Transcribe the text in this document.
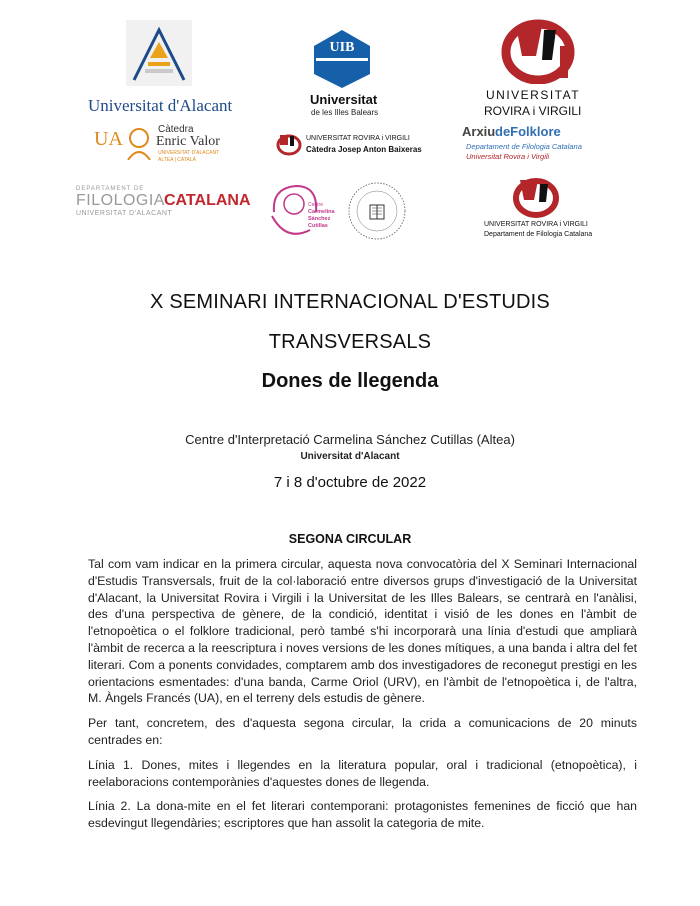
Universitat d'Alacant
UIB
Universitat
de les Illes Balears
UNIVERSITAT
ROVIRA i VIRGILI
UA	Càtedra
Enric Valor
UNIVERSITAT D'ALACANT
ALTEA | CATALÀ
UNIVERSITAT ROVIRA i VIRGILI
Càtedra Josep Anton Baixeras
Arxiu deFolklore
Departament de Filologia Catalana
Universitat Rovira i Virgili
DEPARTAMENT DE
FILOLOGIA CATALANA
UNIVERSITAT D'ALACANT
Centre
Carmelina
Sánchez
Cutillas	UNIVERSITAT ROVIRA i VIRGILI
Departament de Filologia Catalana
X SEMINARI INTERNACIONAL D'ESTUDIS
TRANSVERSALS
Dones de llegenda
Centre d'Interpretació Carmelina Sánchez Cutillas (Altea)
Universitat d'Alacant
7 i 8 d'octubre de 2022
SEGONA CIRCULAR

Tal com vam indicar en la primera circular, aquesta nova convocatòria del X Seminari Internacional d'Estudis Transversals, fruit de la col·laboració entre diversos grups d'investigació de la Universitat d'Alacant, la Universitat Rovira i Virgili i la Universitat de les Illes Balears, se centrarà en l'anàlisi, des d'una perspectiva de gènere, de la condició, identitat i visió de les dones en l'àmbit de l'etnopoètica o el folklore tradicional, però també s'hi incorporarà una línia d'estudi que ampliarà l'àmbit de recerca a la reescriptura i noves versions de les dones mítiques, a una banda i altra del fet literari. Com a ponents convidades, comptarem amb dos investigadores de reconegut prestigi en les orientacions esmentades: d'una banda, Carme Oriol (URV), en l'àmbit de l'etnopoètica i, de l'altra, M. Àngels Francés (UA), en el terreny dels estudis de gènere.

Per tant, concretem, des d'aquesta segona circular, la crida a comunicacions de 20 minuts centrades en:

Línia 1. Dones, mites i llegendes en la literatura popular, oral i tradicional (etnopoètica), i reelaboracions contemporànies d'aquestes dones de llegenda.

Línia 2. La dona-mite en el fet literari contemporani: protagonistes femenines de ficció que han esdevingut llegendàries; escriptores que han assolit la categoria de mite.
